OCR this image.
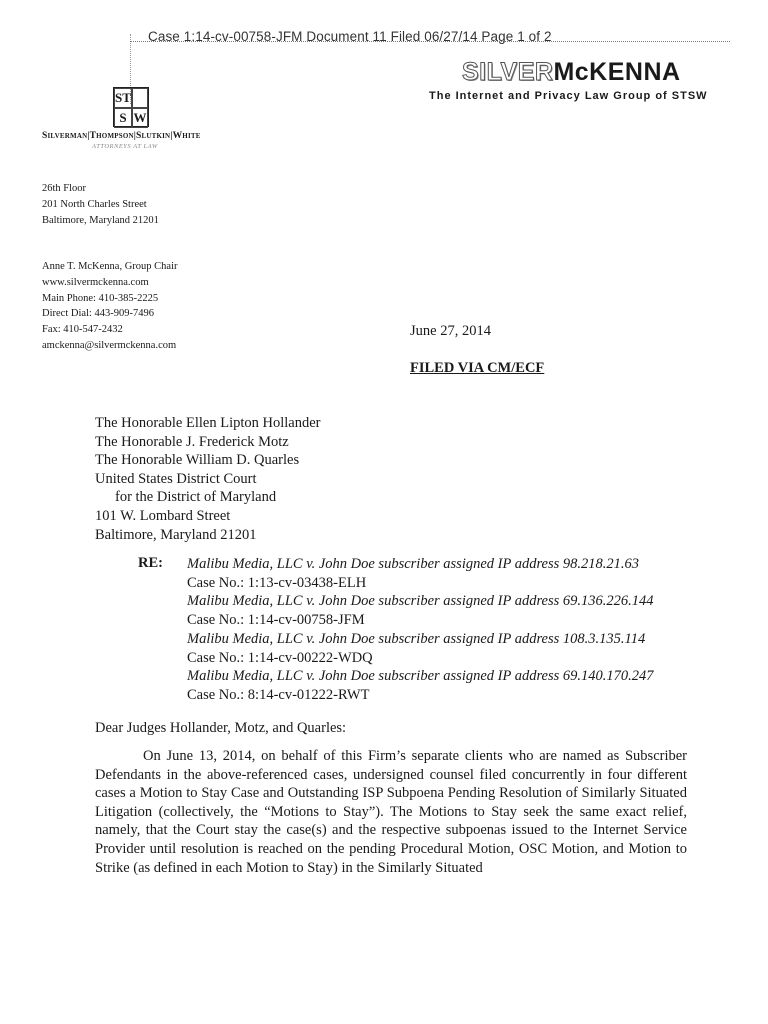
Case 1:14-cv-00758-JFM Document 11 Filed 06/27/14 Page 1 of 2
SILVERMcKENNA
The Internet and Privacy Law Group of STSW
ST
S W
Silverman|Thompson|Slutkin|White
ATTORNEYS AT LAW
26th Floor
201 North Charles Street
Baltimore, Maryland 21201
Anne T. McKenna, Group Chair
www.silvermckenna.com
Main Phone: 410-385-2225
Direct Dial: 443-909-7496
Fax: 410-547-2432
amckenna@silvermckenna.com
June 27, 2014
FILED VIA CM/ECF
The Honorable Ellen Lipton Hollander
The Honorable J. Frederick Motz
The Honorable William D. Quarles
United States District Court
for the District of Maryland
101 W. Lombard Street
Baltimore, Maryland 21201
RE: Malibu Media, LLC v. John Doe subscriber assigned IP address 98.218.21.63
Case No.: 1:13-cv-03438-ELH
Malibu Media, LLC v. John Doe subscriber assigned IP address 69.136.226.144
Case No.: 1:14-cv-00758-JFM
Malibu Media, LLC v. John Doe subscriber assigned IP address 108.3.135.114
Case No.: 1:14-cv-00222-WDQ
Malibu Media, LLC v. John Doe subscriber assigned IP address 69.140.170.247
Case No.: 8:14-cv-01222-RWT
Dear Judges Hollander, Motz, and Quarles:
On June 13, 2014, on behalf of this Firm’s separate clients who are named as Subscriber Defendants in the above-referenced cases, undersigned counsel filed concurrently in four different cases a Motion to Stay Case and Outstanding ISP Subpoena Pending Resolution of Similarly Situated Litigation (collectively, the “Motions to Stay”). The Motions to Stay seek the same exact relief, namely, that the Court stay the case(s) and the respective subpoenas issued to the Internet Service Provider until resolution is reached on the pending Procedural Motion, OSC Motion, and Motion to Strike (as defined in each Motion to Stay) in the Similarly Situated
